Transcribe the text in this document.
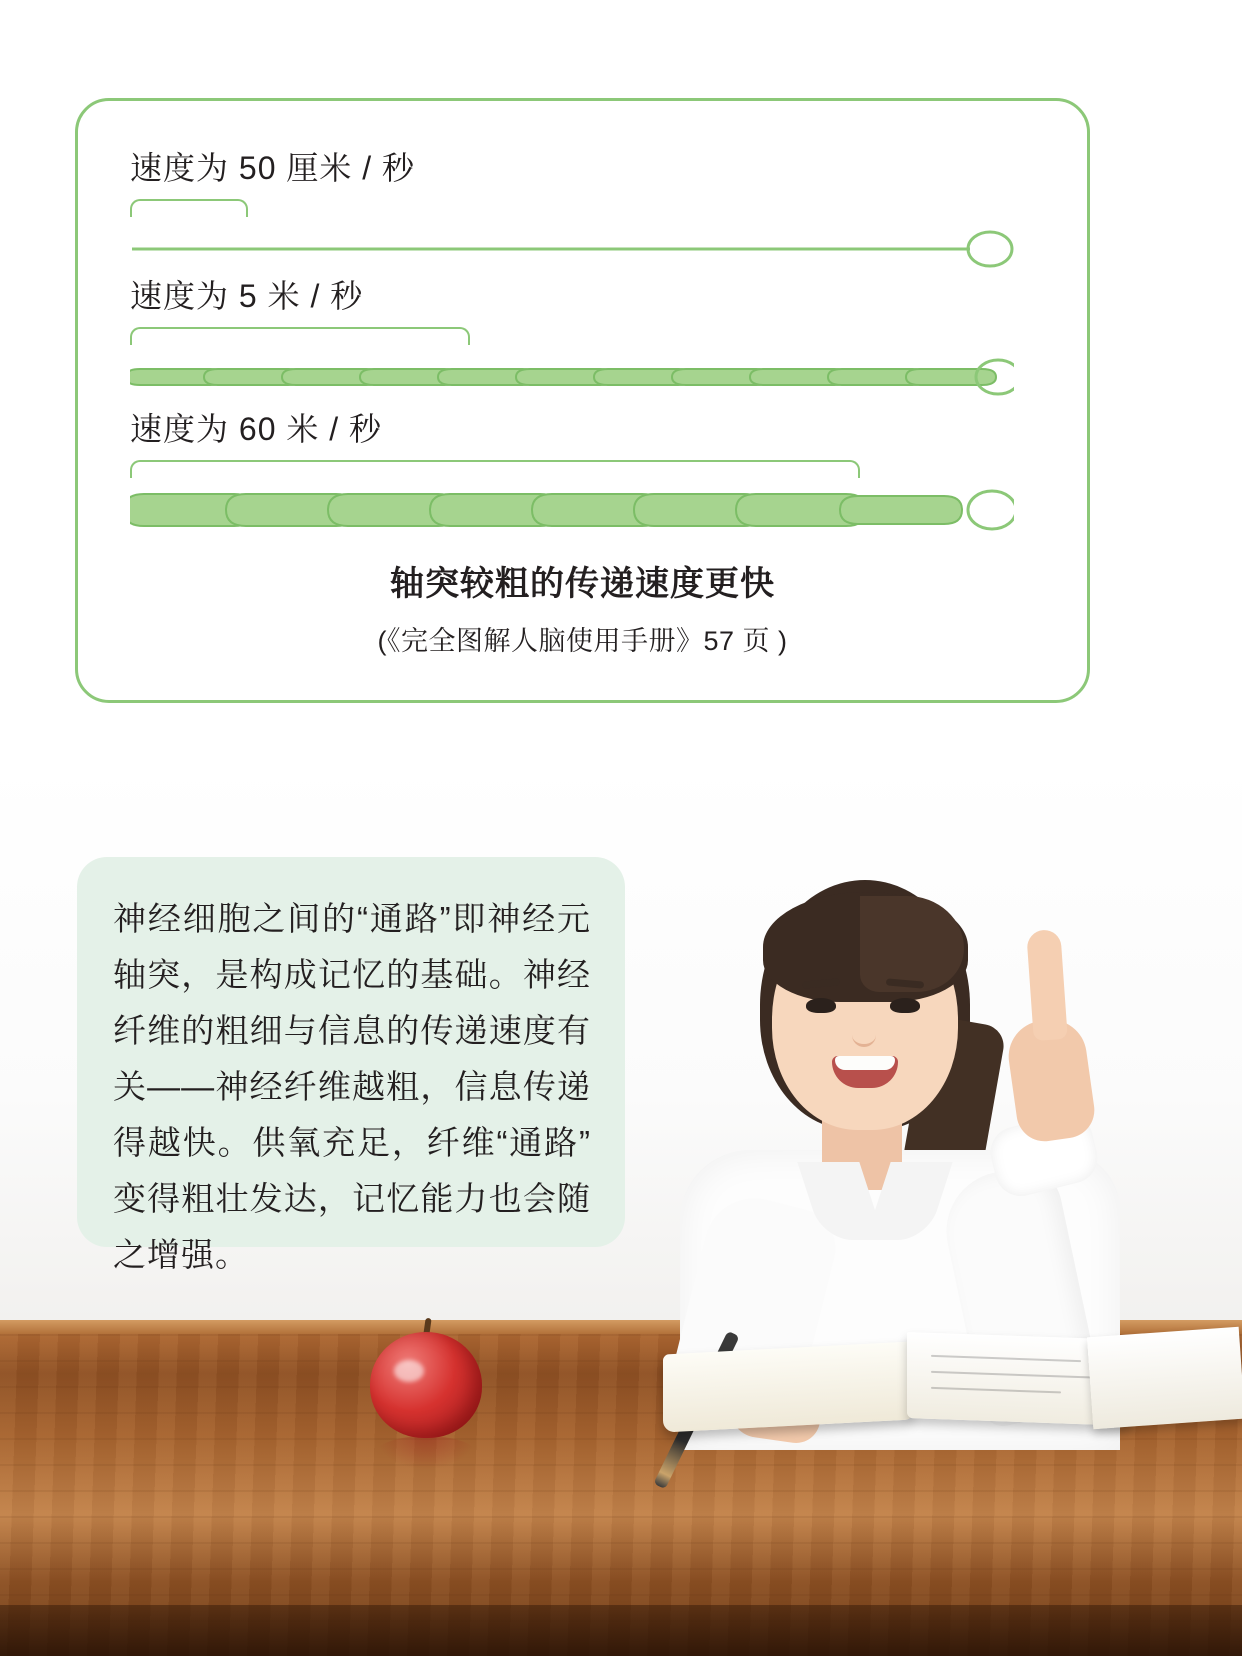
速度为 50 厘米 / 秒
速度为 5 米 / 秒
速度为 60 米 / 秒
轴突较粗的传递速度更快
(《完全图解人脑使用手册》57 页 )

神经细胞之间的“通路”即神经元轴突，是构成记忆的基础。神经纤维的粗细与信息的传递速度有关——神经纤维越粗，信息传递得越快。供氧充足，纤维“通路”变得粗壮发达，记忆能力也会随之增强。
